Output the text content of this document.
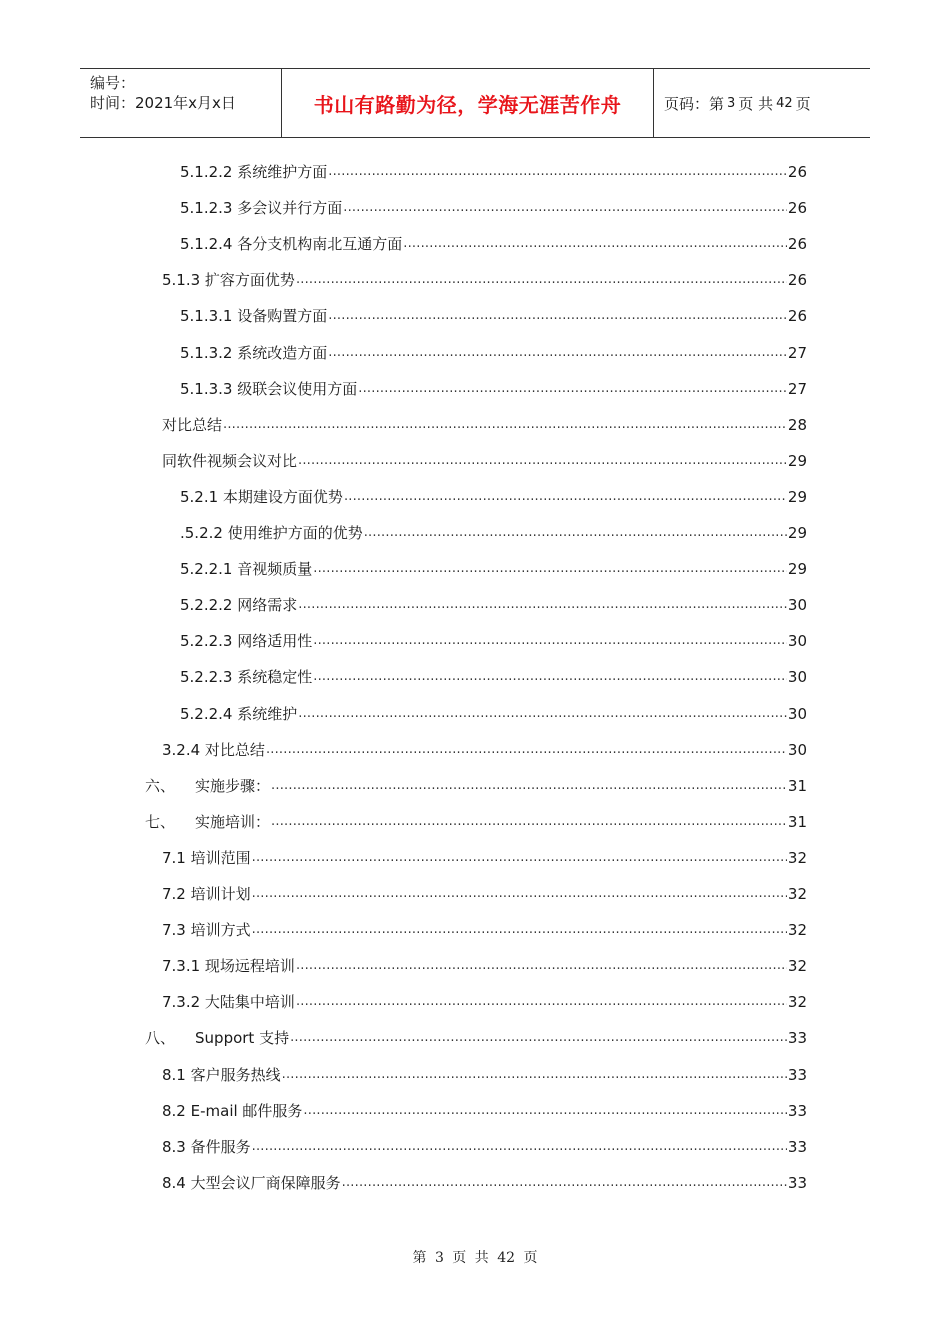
编号：
时间：2021年x月x日	书山有路勤为径，学海无涯苦作舟	页码：第 3 页 共 42 页
5.1.2.2 系统维护方面 .....	26
5.1.2.3 多会议并行方面 .....	26
5.1.2.4 各分支机构南北互通方面 .....	26
5.1.3 扩容方面优势 .....	26
5.1.3.1 设备购置方面 .....	26
5.1.3.2 系统改造方面 .....	27
5.1.3.3 级联会议使用方面 .....	27
对比总结 .....	28
同软件视频会议对比 .....	29
5.2.1 本期建设方面优势 .....	29
.5.2.2 使用维护方面的优势 .....	29
5.2.2.1 音视频质量 .....	29
5.2.2.2 网络需求 .....	30
5.2.2.3 网络适用性 .....	30
5.2.2.3 系统稳定性 .....	30
5.2.2.4 系统维护 .....	30
3.2.4 对比总结 .....	30
六、 实施步骤： .....	31
七、 实施培训： .....	31
7.1 培训范围 .....	32
7.2 培训计划 .....	32
7.3 培训方式 .....	32
7.3.1 现场远程培训 .....	32
7.3.2 大陆集中培训 .....	32
八、 Support 支持 .....	33
8.1 客户服务热线 .....	33
8.2 E-mail 邮件服务 .....	33
8.3 备件服务 .....	33
8.4 大型会议厂商保障服务 .....	33
第 3 页 共 42 页
